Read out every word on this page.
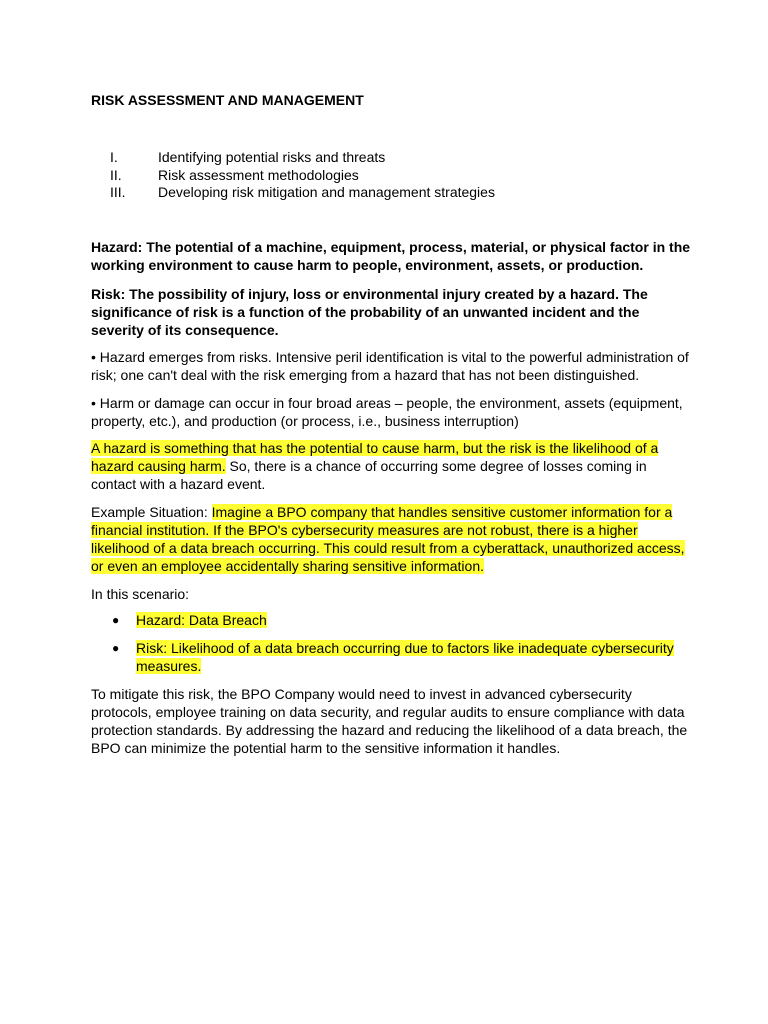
RISK ASSESSMENT AND MANAGEMENT
I.	Identifying potential risks and threats
II.	Risk assessment methodologies
III. Developing risk mitigation and management strategies

Hazard: The potential of a machine, equipment, process, material, or physical factor in the working environment to cause harm to people, environment, assets, or production.

Risk: The possibility of injury, loss or environmental injury created by a hazard. The significance of risk is a function of the probability of an unwanted incident and the severity of its consequence.

• Hazard emerges from risks. Intensive peril identification is vital to the powerful administration of risk; one can't deal with the risk emerging from a hazard that has not been distinguished.

• Harm or damage can occur in four broad areas – people, the environment, assets (equipment, property, etc.), and production (or process, i.e., business interruption)

A hazard is something that has the potential to cause harm, but the risk is the likelihood of a hazard causing harm. So, there is a chance of occurring some degree of losses coming in contact with a hazard event.

Example Situation: Imagine a BPO company that handles sensitive customer information for a financial institution. If the BPO's cybersecurity measures are not robust, there is a higher likelihood of a data breach occurring. This could result from a cyberattack, unauthorized access, or even an employee accidentally sharing sensitive information.

In this scenario:

● Hazard: Data Breach
● Risk: Likelihood of a data breach occurring due to factors like inadequate cybersecurity measures.

To mitigate this risk, the BPO Company would need to invest in advanced cybersecurity protocols, employee training on data security, and regular audits to ensure compliance with data protection standards. By addressing the hazard and reducing the likelihood of a data breach, the BPO can minimize the potential harm to the sensitive information it handles.
